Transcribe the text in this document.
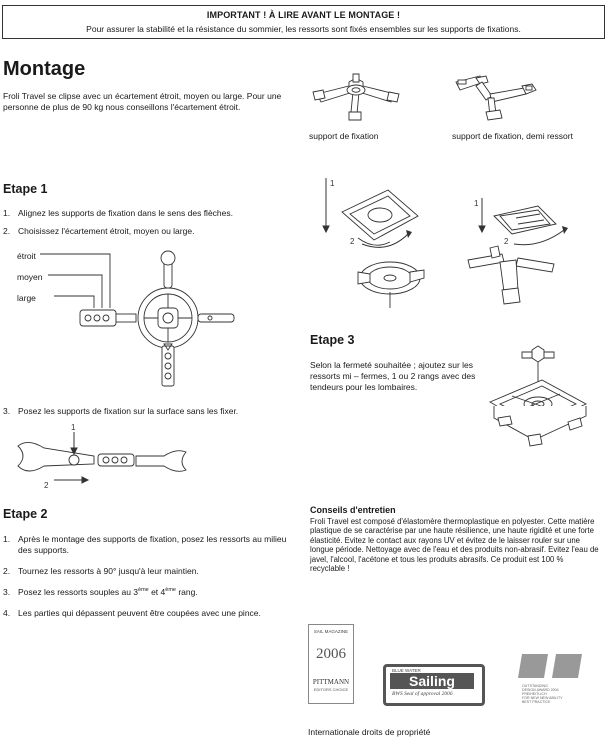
IMPORTANT ! À LIRE AVANT LE MONTAGE !
Pour assurer la stabilité et la résistance du sommier, les ressorts sont fixés ensembles sur les supports de fixations.
Montage

Froli Travel se clipse avec un écartement étroit, moyen ou large. Pour une personne de plus de 90 kg nous conseillons l'écartement étroit.

support de fixation	support de fixation, demi ressort
Etape 1
1. Alignez les supports de fixation dans le sens des flèches.
2. Choisissez l'écartement étroit, moyen ou large.
étroit
moyen
large
3. Posez les supports de fixation sur la surface sans les fixer.
1
2
Etape 2
1. Après le montage des supports de fixation, posez les ressorts au milieu des supports.
2. Tournez les ressorts à 90° jusqu'à leur maintien.
3. Posez les ressorts souples au 3ème et 4ème rang.
4. Les parties qui dépassent peuvent être coupées avec une pince.
1
1
2	2
Etape 3

Selon la fermeté souhaitée ; ajoutez sur les ressorts mi – fermes, 1 ou 2 rangs avec des tendeurs pour les lombaires.

Conseils d'entretien

Froli Travel est composé d'élastomère thermoplastique en polyester. Cette matière plastique de se caractérise par une haute résilience, une haute rigidité et une forte élasticité. Evitez le contact aux rayons UV et évitez de le laisser rouler sur une longue période. Nettoyage avec de l'eau et des produits non-abrasif. Evitez l'eau de javel, l'alcool, l'acétone et tous les produits abrasifs. Ce produit est 100 % recyclable !

SAIL MAGAZINE
2006
PITTMANN
EDITORS CHOICE
BLUE WATER
Sailing
BWS Seal of approval 2006
OUTSTANDING
DESIGN AWARD 2004
FREIHEITLICH
FOR NEW NEW ABILITY
BEST PRACTICE
Internationale droits de propriété
